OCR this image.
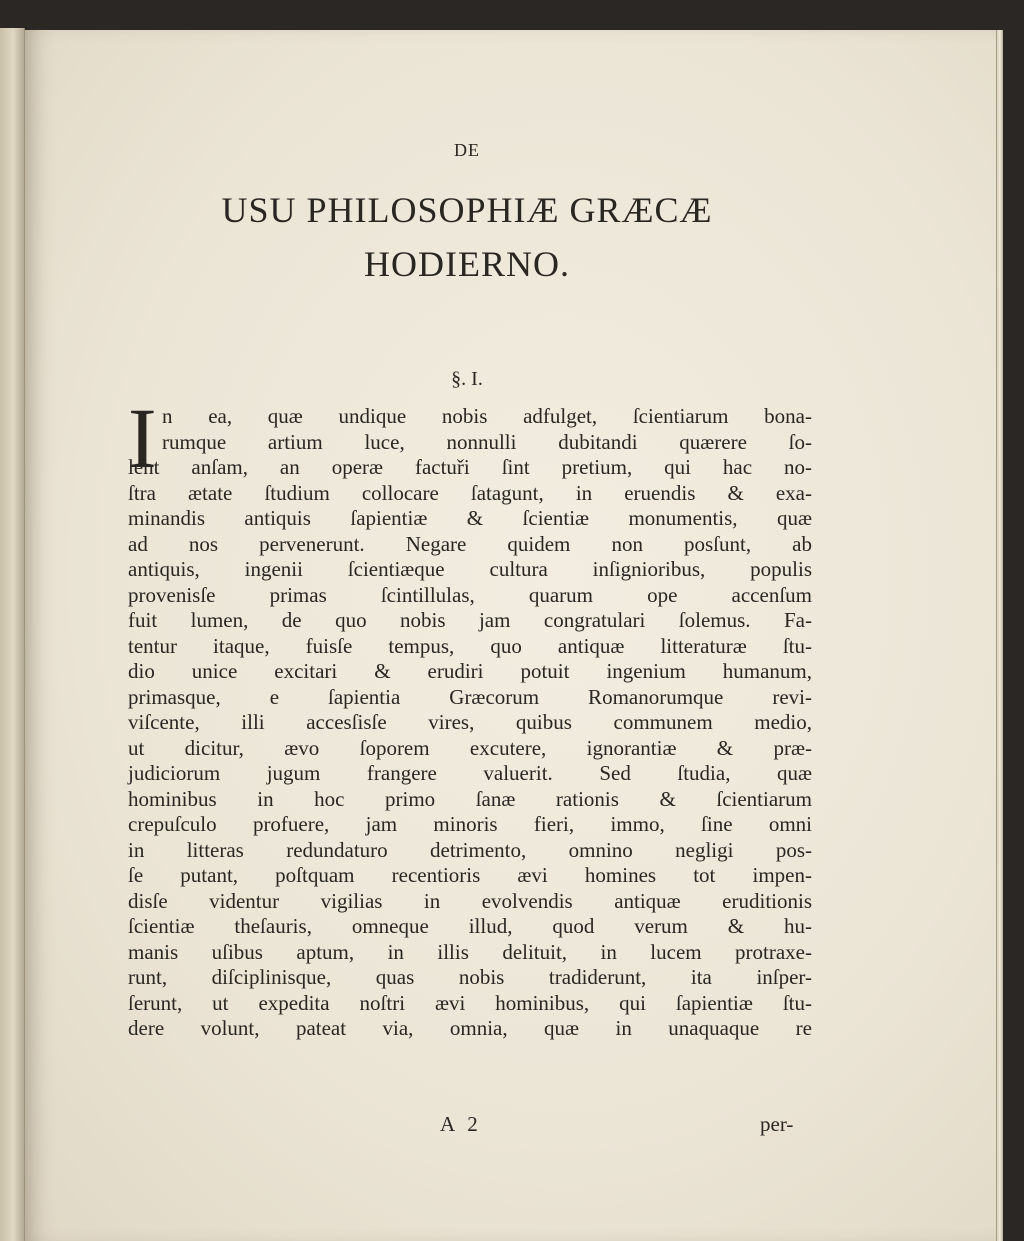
DE
USU PHILOSOPHIÆ GRÆCÆ
HODIERNO.
§. I.
I n ea, quæ undique nobis adfulget, ſcientiarum bona-
rumque artium luce, nonnulli dubitandi quærere ſo-
lent anſam, an operæ factuři ſint pretium, qui hac no-
ſtra ætate ſtudium collocare ſatagunt, in eruendis & exa-
minandis antiquis ſapientiæ & ſcientiæ monumentis, quæ
ad nos pervenerunt. Negare quidem non posſunt, ab
antiquis, ingenii ſcientiæque cultura inſignioribus, populis
provenisſe primas ſcintillulas, quarum ope accenſum
fuit lumen, de quo nobis jam congratulari ſolemus. Fa-
tentur itaque, fuisſe tempus, quo antiquæ litteraturæ ſtu-
dio unice excitari & erudiri potuit ingenium humanum,
primasque, e ſapientia Græcorum Romanorumque revi-
viſcente, illi accesſisſe vires, quibus communem medio,
ut dicitur, ævo ſoporem excutere, ignorantiæ & præ-
judiciorum jugum frangere valuerit. Sed ſtudia, quæ
hominibus in hoc primo ſanæ rationis & ſcientiarum
crepuſculo profuere, jam minoris fieri, immo, ſine omni
in litteras redundaturo detrimento, omnino negligi pos-
ſe putant, poſtquam recentioris ævi homines tot impen-
disſe videntur vigilias in evolvendis antiquæ eruditionis
ſcientiæ theſauris, omneque illud, quod verum & hu-
manis uſibus aptum, in illis delituit, in lucem protraxe-
runt, diſciplinisque, quas nobis tradiderunt, ita inſper-
ſerunt, ut expedita noſtri ævi hominibus, qui ſapientiæ ſtu-
dere volunt, pateat via, omnia, quæ in unaquaque re
A 2	per-
